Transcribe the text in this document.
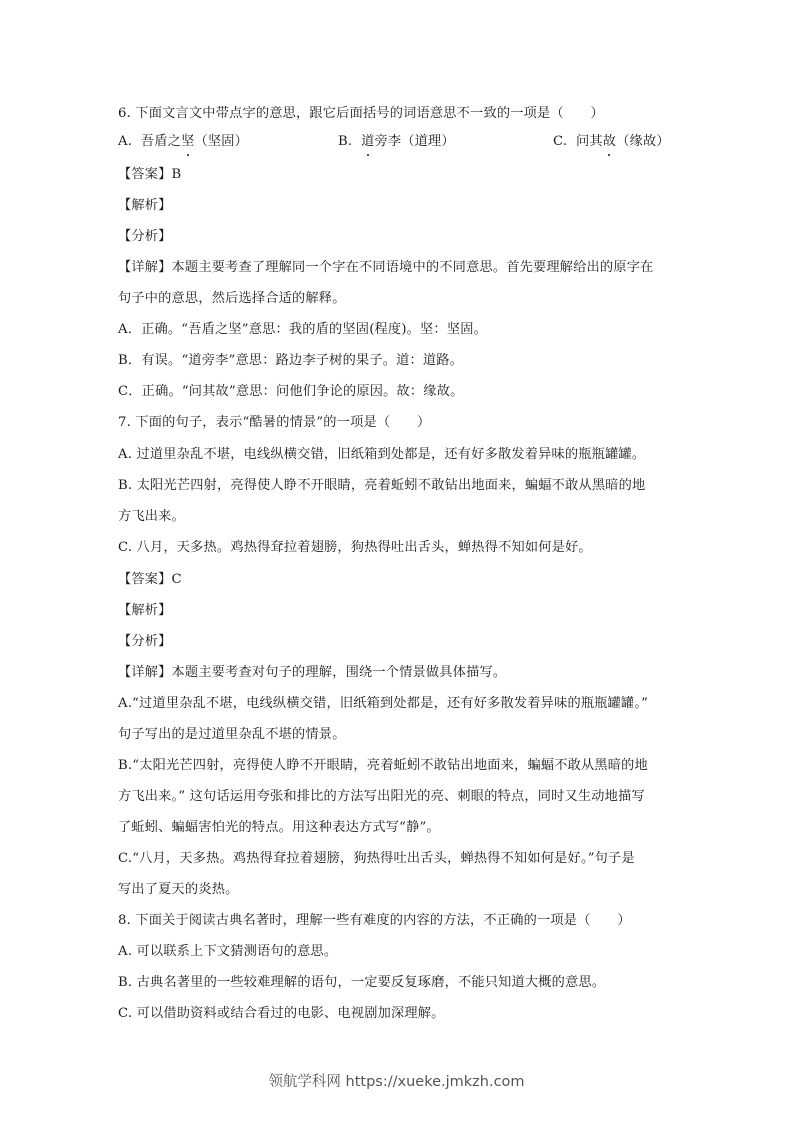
6. 下面文言文中带点字的意思，跟它后面括号的词语意思不一致的一项是（　　）
A. 吾盾之坚（坚固）	B. 道旁李（道理）	C. 问其故（缘故）
【答案】B
【解析】
【分析】
【详解】本题主要考查了理解同一个字在不同语境中的不同意思。首先要理解给出的原字在
句子中的意思，然后选择合适的解释。
A．正确。“吾盾之坚”意思：我的盾的坚固(程度)。坚：坚固。
B．有误。“道旁李”意思：路边李子树的果子。道：道路。
C．正确。“问其故”意思：问他们争论的原因。故：缘故。
7. 下面的句子，表示“酷暑的情景”的一项是（　　）
A. 过道里杂乱不堪，电线纵横交错，旧纸箱到处都是，还有好多散发着异味的瓶瓶罐罐。
B. 太阳光芒四射，亮得使人睁不开眼睛，亮着蚯蚓不敢钻出地面来，蝙蝠不敢从黑暗的地
方飞出来。
C. 八月，天多热。鸡热得耷拉着翅膀，狗热得吐出舌头，蝉热得不知如何是好。
【答案】C
【解析】
【分析】
【详解】本题主要考查对句子的理解，围绕一个情景做具体描写。
A.“过道里杂乱不堪，电线纵横交错，旧纸箱到处都是，还有好多散发着异味的瓶瓶罐罐。”
句子写出的是过道里杂乱不堪的情景。
B.“太阳光芒四射，亮得使人睁不开眼睛，亮着蚯蚓不敢钻出地面来，蝙蝠不敢从黑暗的地
方飞出来。” 这句话运用夸张和排比的方法写出阳光的亮、刺眼的特点，同时又生动地描写
了蚯蚓、蝙蝠害怕光的特点。用这种表达方式写“静”。
C.“八月，天多热。鸡热得耷拉着翅膀，狗热得吐出舌头，蝉热得不知如何是好。”句子是
写出了夏天的炎热。
8. 下面关于阅读古典名著时，理解一些有难度的内容的方法，不正确的一项是（　　）
A. 可以联系上下文猜测语句的意思。
B. 古典名著里的一些较难理解的语句，一定要反复琢磨，不能只知道大概的意思。
C. 可以借助资料或结合看过的电影、电视剧加深理解。
领航学科网 https://xueke.jmkzh.com
